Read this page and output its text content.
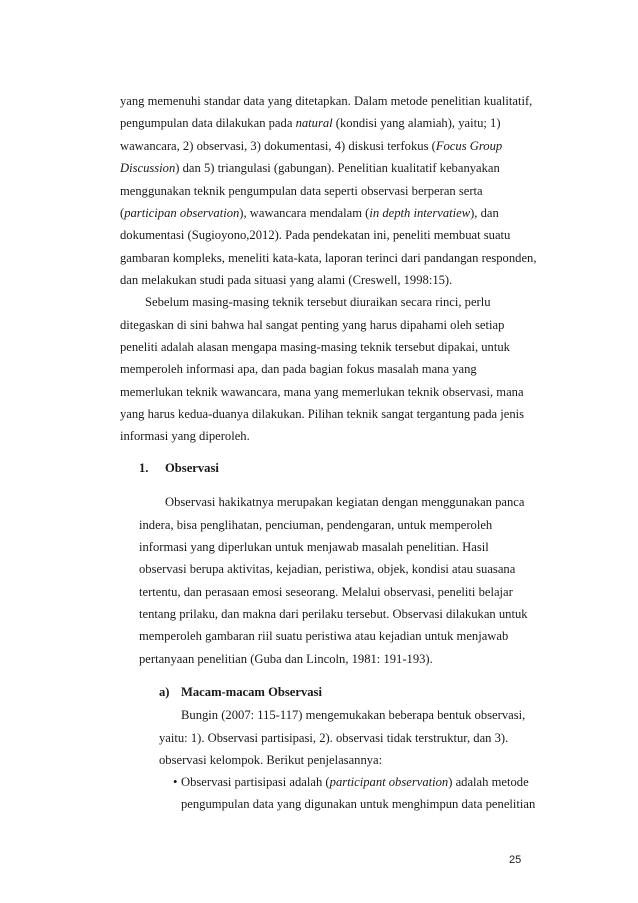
yang memenuhi standar data yang ditetapkan. Dalam metode penelitian kualitatif,

pengumpulan data dilakukan pada natural (kondisi yang alamiah), yaitu; 1)

wawancara, 2) observasi, 3) dokumentasi, 4) diskusi terfokus (Focus Group

Discussion) dan 5) triangulasi (gabungan). Penelitian kualitatif kebanyakan

menggunakan teknik pengumpulan data seperti observasi berperan serta

(participan observation), wawancara mendalam (in depth intervatiew), dan

dokumentasi (Sugioyono,2012). Pada pendekatan ini, peneliti membuat suatu

gambaran kompleks, meneliti kata-kata, laporan terinci dari pandangan responden,

dan melakukan studi pada situasi yang alami (Creswell, 1998:15).

Sebelum masing-masing teknik tersebut diuraikan secara rinci, perlu

ditegaskan di sini bahwa hal sangat penting yang harus dipahami oleh setiap

peneliti adalah alasan mengapa masing-masing teknik tersebut dipakai, untuk

memperoleh informasi apa, dan pada bagian fokus masalah mana yang

memerlukan teknik wawancara, mana yang memerlukan teknik observasi, mana

yang harus kedua-duanya dilakukan. Pilihan teknik sangat tergantung pada jenis

informasi yang diperoleh.

1. Observasi

Observasi hakikatnya merupakan kegiatan dengan menggunakan panca

indera, bisa penglihatan, penciuman, pendengaran, untuk memperoleh

informasi yang diperlukan untuk menjawab masalah penelitian. Hasil

observasi berupa aktivitas, kejadian, peristiwa, objek, kondisi atau suasana

tertentu, dan perasaan emosi seseorang. Melalui observasi, peneliti belajar

tentang prilaku, dan makna dari perilaku tersebut. Observasi dilakukan untuk

memperoleh gambaran riil suatu peristiwa atau kejadian untuk menjawab

pertanyaan penelitian (Guba dan Lincoln, 1981: 191-193).

a) Macam-macam Observasi

Bungin (2007: 115-117) mengemukakan beberapa bentuk observasi,

yaitu: 1). Observasi partisipasi, 2). observasi tidak terstruktur, dan 3).

observasi kelompok. Berikut penjelasannya:

• Observasi partisipasi adalah (participant observation) adalah metode

pengumpulan data yang digunakan untuk menghimpun data penelitian

25
